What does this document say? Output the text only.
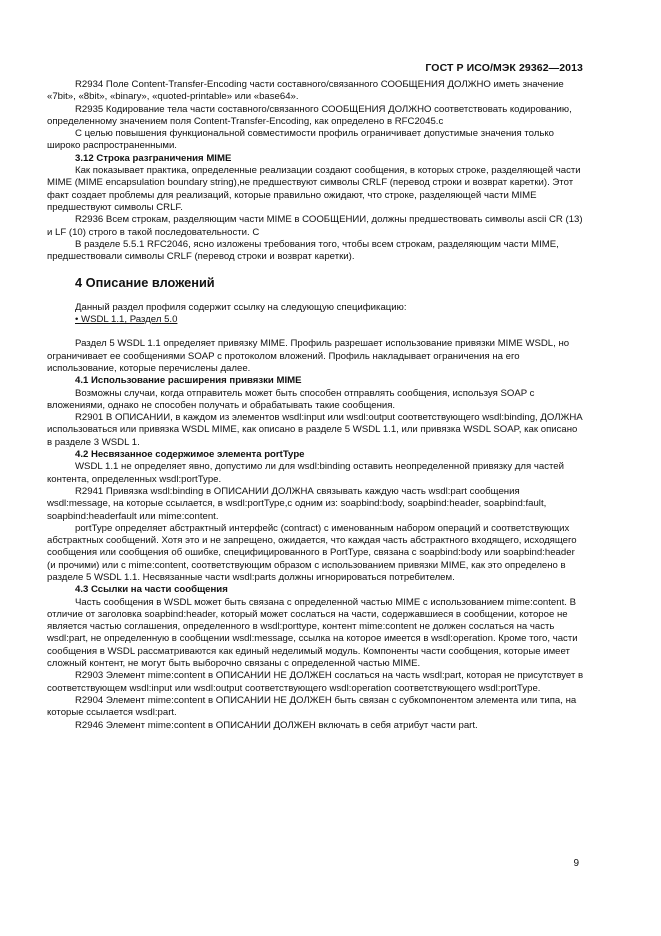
ГОСТ Р ИСО/МЭК 29362—2013

R2934 Поле Content-Transfer-Encoding части составного/связанного СООБЩЕНИЯ ДОЛЖНО иметь значение «7bit», «8bit», «binary», «quoted-printable» или «base64».

R2935 Кодирование тела части составного/связанного СООБЩЕНИЯ ДОЛЖНО соответствовать кодированию, определенному значением поля Content-Transfer-Encoding, как определено в RFC2045.с

С целью повышения функциональной совместимости профиль ограничивает допустимые значения только широко распространенными.

3.12 Строка разграничения MIME

Как показывает практика, определенные реализации создают сообщения, в которых строке, разделяющей части MIME (MIME encapsulation boundary string),не предшествуют символы CRLF (перевод строки и возврат каретки). Этот факт создает проблемы для реализаций, которые правильно ожидают, что строке, разделяющей части MIME предшествуют символы CRLF.

R2936 Всем строкам, разделяющим части MIME в СООБЩЕНИИ, должны предшествовать символы ascii CR (13) и LF (10) строго в такой последовательности. С

В разделе 5.5.1 RFC2046, ясно изложены требования того, чтобы всем строкам, разделяющим части MIME, предшествовали символы CRLF (перевод строки и возврат каретки).

4 Описание вложений

Данный раздел профиля содержит ссылку на следующую спецификацию:

• WSDL 1.1, Раздел 5.0

Раздел 5 WSDL 1.1 определяет привязку MIME. Профиль разрешает использование привязки MIME WSDL, но ограничивает ее сообщениями SOAP с протоколом вложений. Профиль накладывает ограничения на его использование, которые перечислены далее.

4.1 Использование расширения привязки MIME

Возможны случаи, когда отправитель может быть способен отправлять сообщения, используя SOAP с вложениями, однако не способен получать и обрабатывать такие сообщения.

R2901 В ОПИСАНИИ, в каждом из элементов wsdl:input или wsdl:output соответствующего wsdl:binding, ДОЛЖНА использоваться или привязка WSDL MIME, как описано в разделе 5 WSDL 1.1, или привязка WSDL SOAP, как описано в разделе 3 WSDL 1.

4.2 Несвязанное содержимое элемента portType

WSDL 1.1 не определяет явно, допустимо ли для wsdl:binding оставить неопределенной привязку для частей контента, определенных wsdl:portType.

R2941 Привязка wsdl:binding в ОПИСАНИИ ДОЛЖНА связывать каждую часть wsdl:part сообщения wsdl:message, на которые ссылается, в wsdl:portType,с одним из: soapbind:body, soapbind:header, soapbind:fault, soapbind:headerfault или mime:content.

portType определяет абстрактный интерфейс (contract) с именованным набором операций и соответствующих абстрактных сообщений. Хотя это и не запрещено, ожидается, что каждая часть абстрактного входящего, исходящего сообщения или сообщения об ошибке, специфицированного в PortType, связана с soapbind:body или soapbind:header (и прочими) или с mime:content, соответствующим образом с использованием привязки MIME, как это определено в разделе 5 WSDL 1.1. Несвязанные части wsdl:parts должны игнорироваться потребителем.

4.3 Ссылки на части сообщения

Часть сообщения в WSDL может быть связана с определенной частью MIME с использованием mime:content. В отличие от заголовка soapbind:header, который может сослаться на части, содержавшиеся в сообщении, которое не является частью соглашения, определенного в wsdl:porttype, контент mime:content не должен сослаться на часть wsdl:part, не определенную в сообщении wsdl:message, ссылка на которое имеется в wsdl:operation. Кроме того, части сообщения в WSDL рассматриваются как единый неделимый модуль. Компоненты части сообщения, которые имеет сложный контент, не могут быть выборочно связаны с определенной частью MIME.

R2903 Элемент mime:content в ОПИСАНИИ НЕ ДОЛЖЕН сослаться на часть wsdl:part, которая не присутствует в соответствующем wsdl:input или wsdl:output соответствующего wsdl:operation соответствующего wsdl:portType.

R2904 Элемент mime:content в ОПИСАНИИ НЕ ДОЛЖЕН быть связан с субкомпонентом элемента или типа, на которые ссылается wsdl:part.

R2946 Элемент mime:content в ОПИСАНИИ ДОЛЖЕН включать в себя атрибут части part.

9
